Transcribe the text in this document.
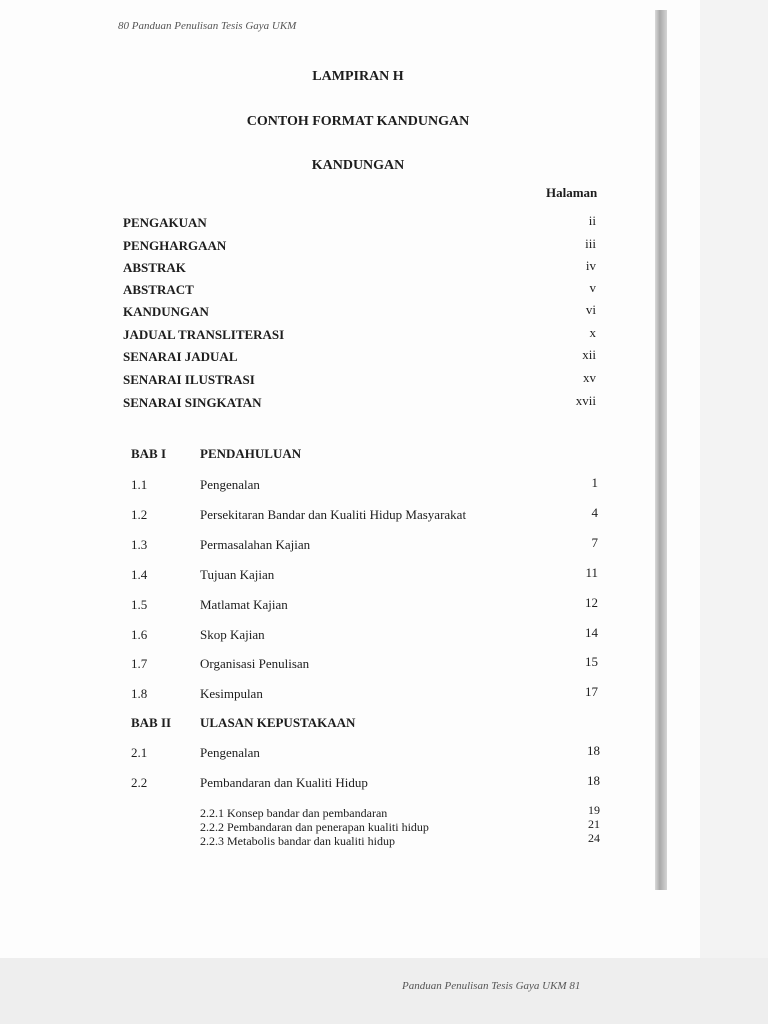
80 Panduan Penulisan Tesis Gaya UKM
LAMPIRAN H
CONTOH FORMAT KANDUNGAN
KANDUNGAN
Halaman
PENGAKUAN	ii
PENGHARGAAN	iii
ABSTRAK	iv
ABSTRACT	v
KANDUNGAN	vi
JADUAL TRANSLITERASI	x
SENARAI JADUAL	xii
SENARAI ILUSTRASI	xv
SENARAI SINGKATAN	xvii
BAB I	PENDAHULUAN
1.1	Pengenalan	1
1.2	Persekitaran Bandar dan Kualiti Hidup Masyarakat	4
1.3	Permasalahan Kajian	7
1.4	Tujuan Kajian	11
1.5	Matlamat Kajian	12
1.6	Skop Kajian	14
1.7	Organisasi Penulisan	15
1.8	Kesimpulan	17
BAB II ULASAN KEPUSTAKAAN
2.1	Pengenalan	18
2.2	Pembandaran dan Kualiti Hidup	18
2.2.1 Konsep bandar dan pembandaran	19
2.2.2 Pembandaran dan penerapan kualiti hidup	21
2.2.3 Metabolis bandar dan kualiti hidup	24
Panduan Penulisan Tesis Gaya UKM 81
